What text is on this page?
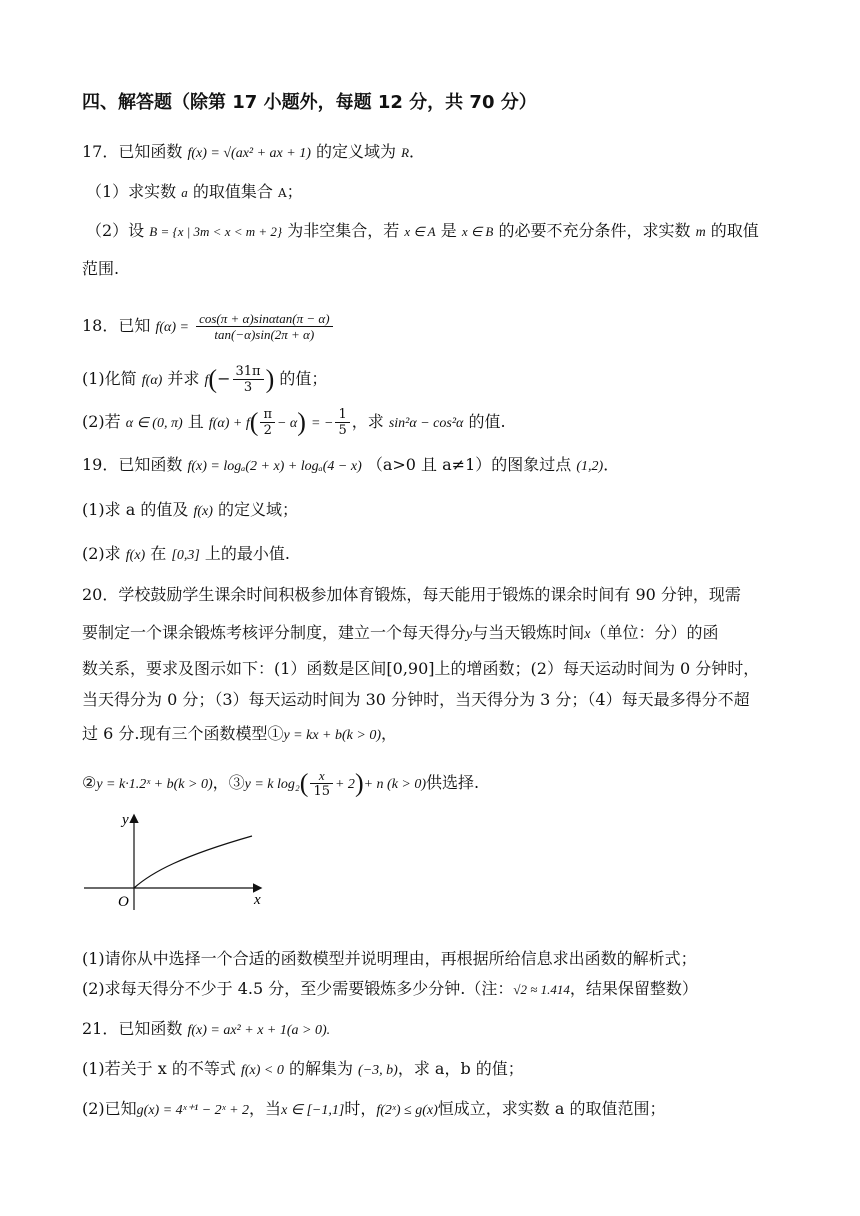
四、解答题（除第 17 小题外，每题 12 分，共 70 分）
17．已知函数 f(x) = √(ax² + ax + 1) 的定义域为 R．
（1）求实数 a 的取值集合 A；
（2）设 B = {x | 3m < x < m + 2} 为非空集合，若 x ∈ A 是 x ∈ B 的必要不充分条件，求实数 m 的取值
范围.
18．已知 $f(\alpha) = \frac{\cos(\pi + \alpha)\sin\alpha\tan(\pi - \alpha)}{\tan(-\alpha)\sin(2\pi + \alpha)}$
(1)化简 f(α) 并求 $f(- \frac{31\pi}{3}$ ) 的值；
(2)若 α ∈ (0, π) 且 $f(\alpha) + f( \frac{\pi}{2} - \alpha)$ = − $\frac{1}{5}$ ，求 sin²α − cos²α 的值.
19．已知函数 f(x) = logₐ(2 + x) + logₐ(4 − x) （a>0 且 a≠1）的图象过点 (1,2)．
(1)求 a 的值及 f(x) 的定义域；
(2)求 f(x) 在 [0,3] 上的最小值.
20．学校鼓励学生课余时间积极参加体育锻炼，每天能用于锻炼的课余时间有 90 分钟，现需
要制定一个课余锻炼考核评分制度，建立一个每天得分y与当天锻炼时间x（单位：分）的函
数关系，要求及图示如下：(1）函数是区间[0,90]上的增函数；(2）每天运动时间为 0 分钟时，
当天得分为 0 分；（3）每天运动时间为 30 分钟时，当天得分为 3 分；（4）每天最多得分不超
过 6 分.现有三个函数模型①y = kx + b(k > 0)，
②y = k·1.2ˣ + b(k > 0)，③y = k $\log_2( \frac{x}{15} + 2)+ n$ (k > 0)供选择.
y
x
O
(1)请你从中选择一个合适的函数模型并说明理由，再根据所给信息求出函数的解析式；
(2)求每天得分不少于 4.5 分，至少需要锻炼多少分钟.（注：√2 ≈ 1.414，结果保留整数）
21．已知函数 f(x) = ax² + x + 1(a > 0).
(1)若关于 x 的不等式 f(x) < 0 的解集为 (−3, b)，求 a，b 的值；
(2)已知g(x) = 4ˣ⁺¹ − 2ˣ + 2，当x ∈ [−1,1]时，f(2ˣ) ≤ g(x)恒成立，求实数 a 的取值范围；
